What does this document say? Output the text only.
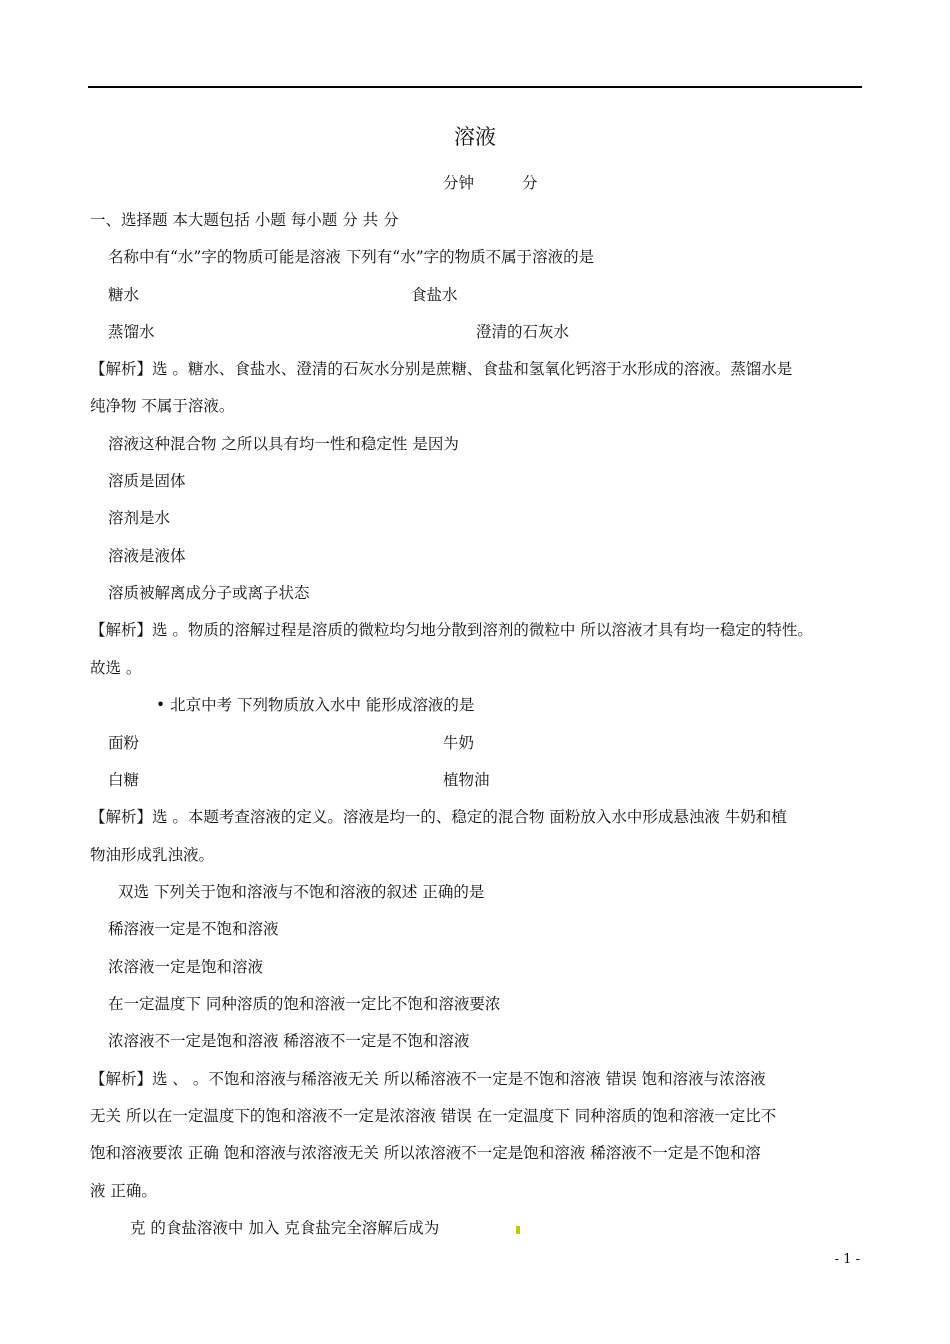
溶液
分钟	分
一、选择题 本大题包括 小题 每小题 分 共 分
名称中有“水”字的物质可能是溶液 下列有“水”字的物质不属于溶液的是
糖水	食盐水
蒸馏水	澄清的石灰水
【解析】选 。糖水、食盐水、澄清的石灰水分别是蔗糖、食盐和氢氧化钙溶于水形成的溶液。蒸馏水是
纯净物 不属于溶液。
溶液这种混合物 之所以具有均一性和稳定性 是因为
溶质是固体
溶剂是水
溶液是液体
溶质被解离成分子或离子状态
【解析】选 。物质的溶解过程是溶质的微粒均匀地分散到溶剂的微粒中 所以溶液才具有均一稳定的特性。
故选 。
• 北京中考 下列物质放入水中 能形成溶液的是
面粉	牛奶
白糖	植物油
【解析】选 。本题考查溶液的定义。溶液是均一的、稳定的混合物 面粉放入水中形成悬浊液 牛奶和植
物油形成乳浊液。
双选 下列关于饱和溶液与不饱和溶液的叙述 正确的是
稀溶液一定是不饱和溶液
浓溶液一定是饱和溶液
在一定温度下 同种溶质的饱和溶液一定比不饱和溶液要浓
浓溶液不一定是饱和溶液 稀溶液不一定是不饱和溶液
【解析】选 、 。不饱和溶液与稀溶液无关 所以稀溶液不一定是不饱和溶液 错误 饱和溶液与浓溶液
无关 所以在一定温度下的饱和溶液不一定是浓溶液 错误 在一定温度下 同种溶质的饱和溶液一定比不
饱和溶液要浓 正确 饱和溶液与浓溶液无关 所以浓溶液不一定是饱和溶液 稀溶液不一定是不饱和溶
液 正确。
克 的食盐溶液中 加入 克食盐完全溶解后成为
- 1 -
